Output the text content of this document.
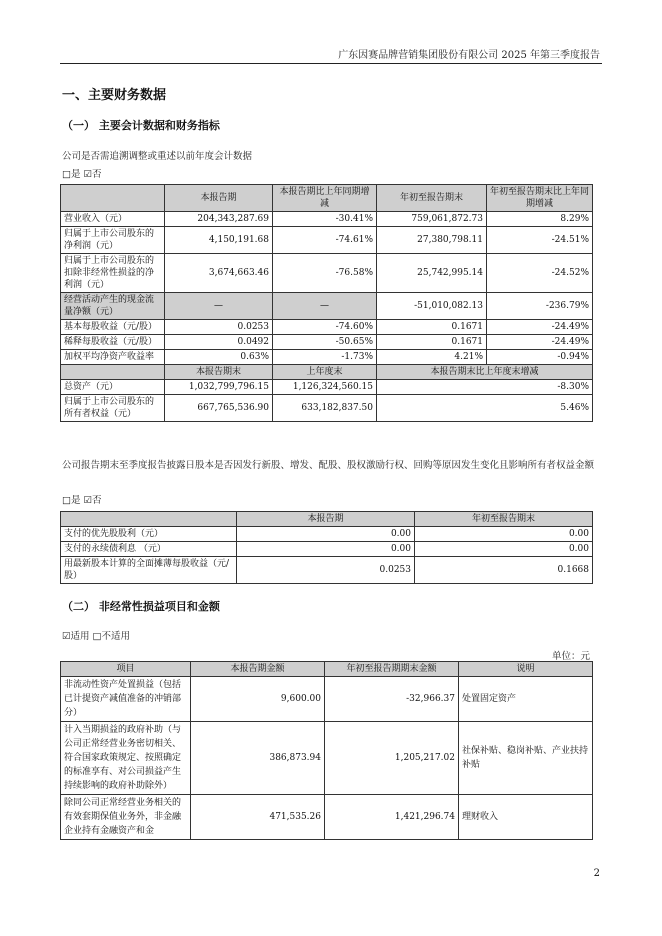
广东因赛品牌营销集团股份有限公司 2025 年第三季度报告
一、主要财务数据
（一） 主要会计数据和财务指标
公司是否需追溯调整或重述以前年度会计数据
□是 ☑否
	本报告期	本报告期比上年同期增减	年初至报告期末	年初至报告期末比上年同期增减
营业收入（元）	204,343,287.69	-30.41%	759,061,872.73	8.29%
归属于上市公司股东的净利润（元）	4,150,191.68	-74.61%	27,380,798.11	-24.51%
归属于上市公司股东的扣除非经常性损益的净利润（元）	3,674,663.46	-76.58%	25,742,995.14	-24.52%
经营活动产生的现金流量净额（元）	—	—	-51,010,082.13	-236.79%
基本每股收益（元/股）	0.0253	-74.60%	0.1671	-24.49%
稀释每股收益（元/股）	0.0492	-50.65%	0.1671	-24.49%
加权平均净资产收益率	0.63%	-1.73%	4.21%	-0.94%
	本报告期末	上年度末	本报告期末比上年度末增减	
总资产（元）	1,032,799,796.15	1,126,324,560.15	-8.30%	
归属于上市公司股东的所有者权益（元）	667,765,536.90	633,182,837.50	5.46%	
公司报告期末至季度报告披露日股本是否因发行新股、增发、配股、股权激励行权、回购等原因发生变化且影响所有者权益金额
□是 ☑否
	本报告期	年初至报告期末
支付的优先股股利（元）	0.00	0.00
支付的永续债利息 （元）	0.00	0.00
用最新股本计算的全面摊薄每股收益（元/股）	0.0253	0.1668
（二） 非经常性损益项目和金额
☑适用 □不适用
单位：元
项目	本报告期金额	年初至报告期期末金额	说明
非流动性资产处置损益（包括已计提资产减值准备的冲销部分）	9,600.00	-32,966.37	处置固定资产
计入当期损益的政府补助（与公司正常经营业务密切相关、符合国家政策规定、按照确定的标准享有、对公司损益产生持续影响的政府补助除外）	386,873.94	1,205,217.02	社保补贴、稳岗补贴、产业扶持补贴
除同公司正常经营业务相关的有效套期保值业务外，非金融企业持有金融资产和金	471,535.26	1,421,296.74	理财收入
2
